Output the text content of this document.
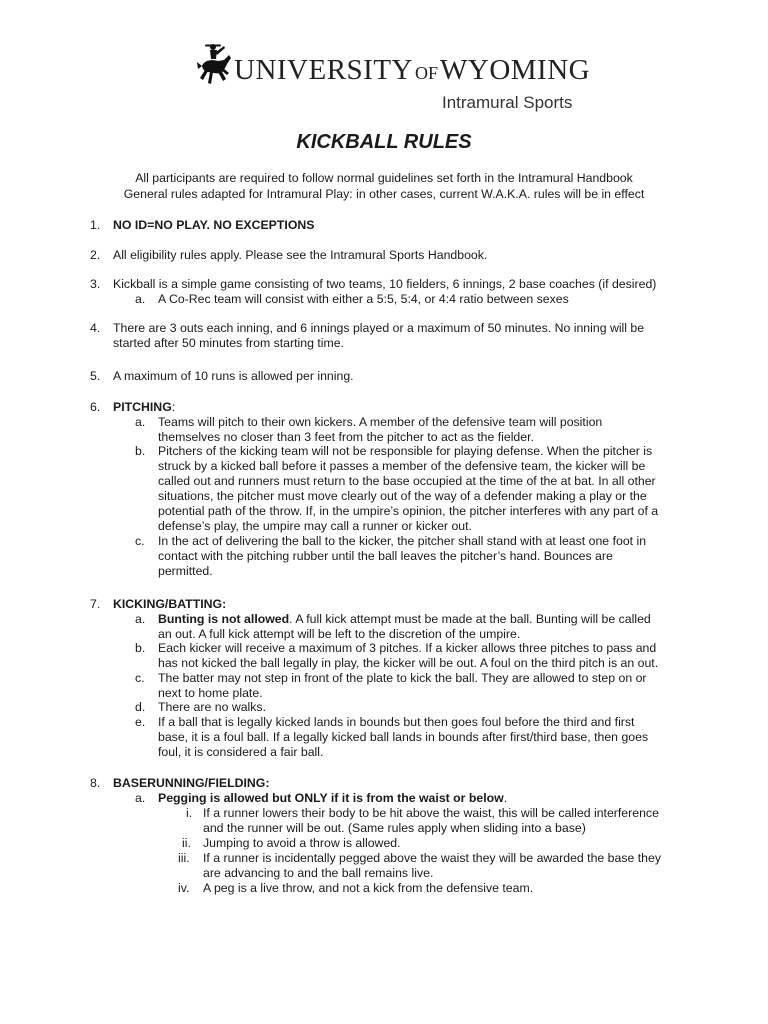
UNIVERSITY OFWYOMING
Intramural Sports
KICKBALL RULES
All participants are required to follow normal guidelines set forth in the Intramural Handbook
General rules adapted for Intramural Play: in other cases, current W.A.K.A. rules will be in effect
1. NO ID=NO PLAY. NO EXCEPTIONS
2. All eligibility rules apply. Please see the Intramural Sports Handbook.
3. Kickball is a simple game consisting of two teams, 10 fielders, 6 innings, 2 base coaches (if desired)
a. A Co-Rec team will consist with either a 5:5, 5:4, or 4:4 ratio between sexes
4. There are 3 outs each inning, and 6 innings played or a maximum of 50 minutes. No inning will be
started after 50 minutes from starting time.
5. A maximum of 10 runs is allowed per inning.
6. PITCHING:
a. Teams will pitch to their own kickers. A member of the defensive team will position
themselves no closer than 3 feet from the pitcher to act as the fielder.
b. Pitchers of the kicking team will not be responsible for playing defense. When the pitcher is
struck by a kicked ball before it passes a member of the defensive team, the kicker will be
called out and runners must return to the base occupied at the time of the at bat. In all other
situations, the pitcher must move clearly out of the way of a defender making a play or the
potential path of the throw. If, in the umpire’s opinion, the pitcher interferes with any part of a
defense’s play, the umpire may call a runner or kicker out.
c. In the act of delivering the ball to the kicker, the pitcher shall stand with at least one foot in
contact with the pitching rubber until the ball leaves the pitcher’s hand. Bounces are
permitted.
7. KICKING/BATTING:
a. Bunting is not allowed. A full kick attempt must be made at the ball. Bunting will be called
an out. A full kick attempt will be left to the discretion of the umpire.
b. Each kicker will receive a maximum of 3 pitches. If a kicker allows three pitches to pass and
has not kicked the ball legally in play, the kicker will be out. A foul on the third pitch is an out.
c. The batter may not step in front of the plate to kick the ball. They are allowed to step on or
next to home plate.
d. There are no walks.
e. If a ball that is legally kicked lands in bounds but then goes foul before the third and first
base, it is a foul ball. If a legally kicked ball lands in bounds after first/third base, then goes
foul, it is considered a fair ball.
8. BASERUNNING/FIELDING:
a. Pegging is allowed but ONLY if it is from the waist or below.
i. If a runner lowers their body to be hit above the waist, this will be called interference
and the runner will be out. (Same rules apply when sliding into a base)
ii. Jumping to avoid a throw is allowed.
iii. If a runner is incidentally pegged above the waist they will be awarded the base they
are advancing to and the ball remains live.
iv. A peg is a live throw, and not a kick from the defensive team.
